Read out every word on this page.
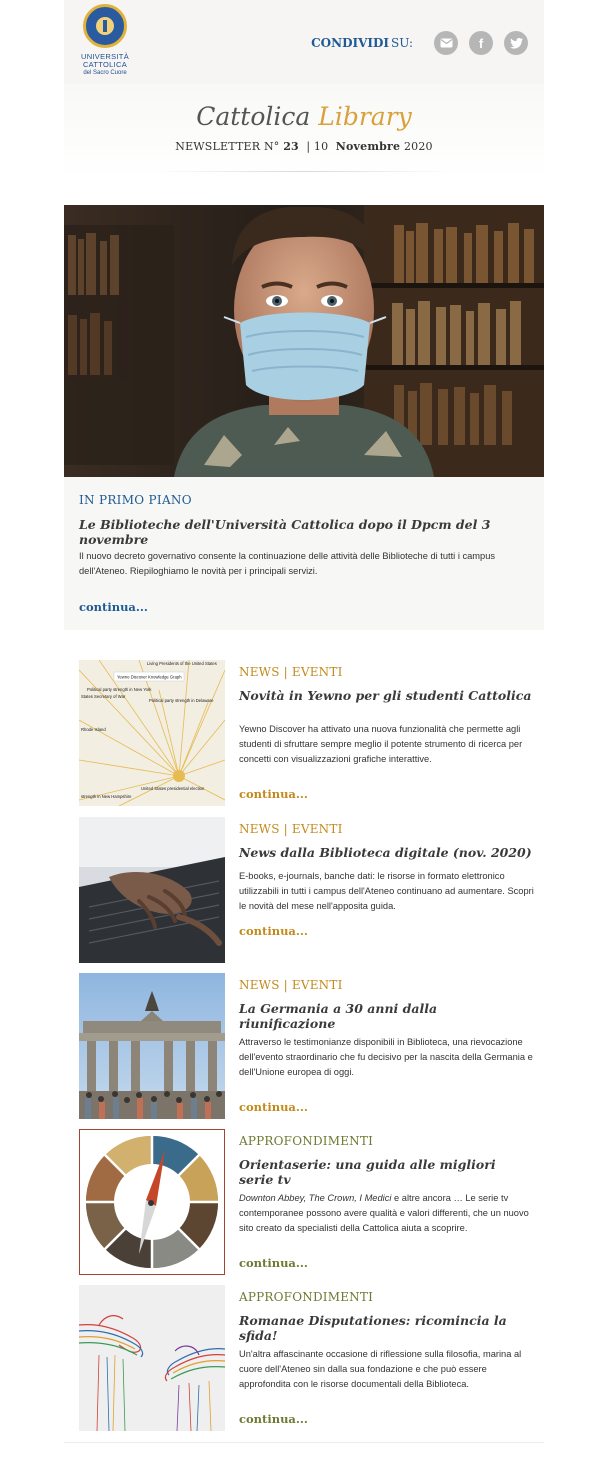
UNIVERSITÀ
CATTOLICA
del Sacro Cuore
CONDIVIDI SU:	f
Cattolica Library
NEWSLETTER N° 23 | 10 Novembre 2020
IN PRIMO PIANO
Le Biblioteche dell'Università Cattolica dopo il Dpcm del 3 novembre
Il nuovo decreto governativo consente la continuazione delle attività delle Biblioteche di tutti i campus dell'Ateneo. Riepiloghiamo le novità per i principali servizi.
continua...
Living Presidents of the United States
Yewno Discover Knowledge Graph
Political party strength in New York
Political party strength in Delaware
Rhode Island
United States presidential election
strength in New Hampshire
States Secretary of War
NEWS | EVENTI
Novità in Yewno per gli studenti Cattolica
Yewno Discover ha attivato una nuova funzionalità che permette agli studenti di sfruttare sempre meglio il potente strumento di ricerca per concetti con visualizzazioni grafiche interattive.
continua...
NEWS | EVENTI
News dalla Biblioteca digitale (nov. 2020)
E-books, e-journals, banche dati: le risorse in formato elettronico utilizzabili in tutti i campus dell'Ateneo continuano ad aumentare. Scopri le novità del mese nell'apposita guida.
continua...
NEWS | EVENTI
La Germania a 30 anni dalla riunificazione
Attraverso le testimonianze disponibili in Biblioteca, una rievocazione dell'evento straordinario che fu decisivo per la nascita della Germania e dell'Unione europea di oggi.
continua...
APPROFONDIMENTI
Orientaserie: una guida alle migliori serie tv
Downton Abbey, The Crown, I Medici e altre ancora … Le serie tv contemporanee possono avere qualità e valori differenti, che un nuovo sito creato da specialisti della Cattolica aiuta a scoprire.
continua...
APPROFONDIMENTI
Romanae Disputationes: ricomincia la sfida!
Un'altra affascinante occasione di riflessione sulla filosofia, marina al cuore dell'Ateneo sin dalla sua fondazione e che può essere approfondita con le risorse documentali della Biblioteca.
continua...
